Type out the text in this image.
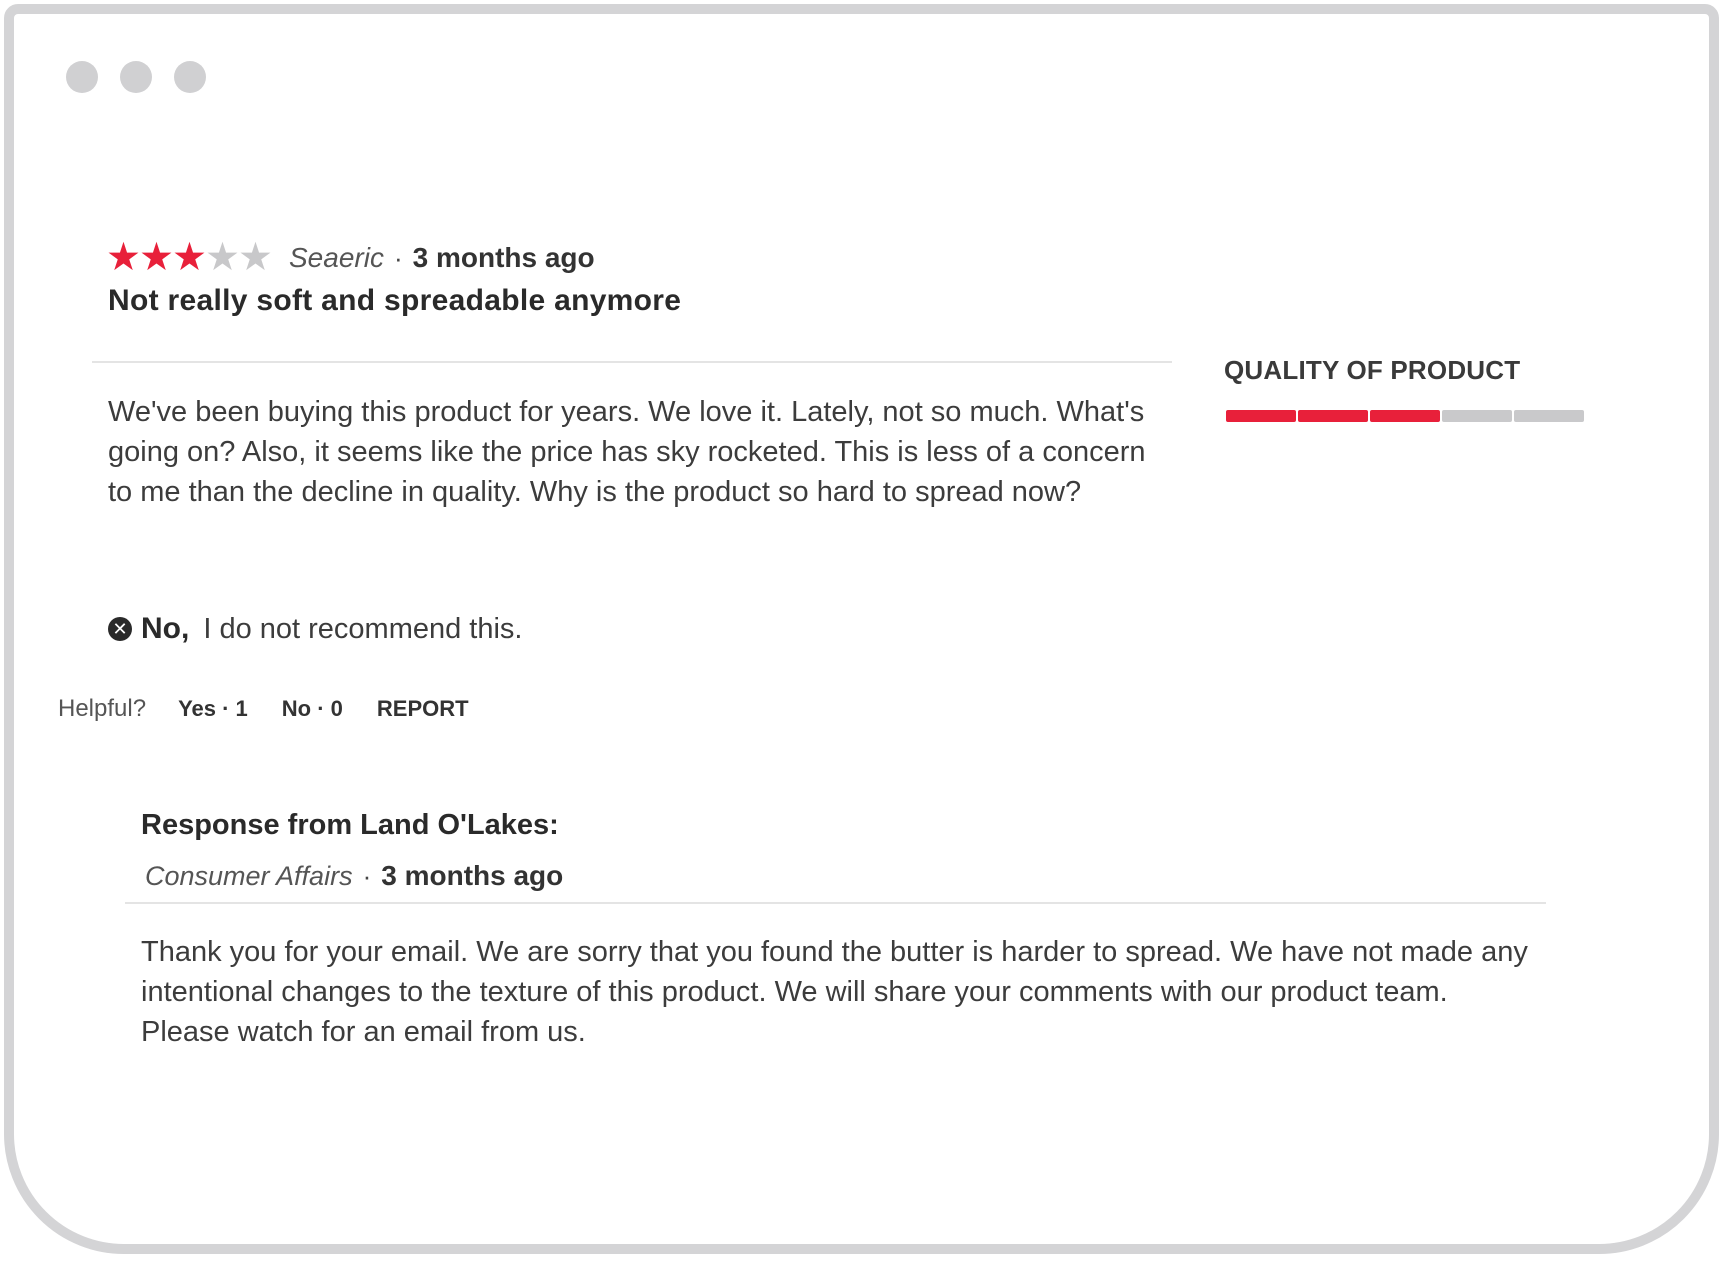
★
★
★
★
★ Seaeric · 3 months ago
Not really soft and spreadable anymore
QUALITY OF PRODUCT
We've been buying this product for years. We love it. Lately, not so much. What's going on? Also, it seems like the price has sky rocketed. This is less of a concern to me than the decline in quality. Why is the product so hard to spread now?
✕ No, I do not recommend this.
Helpful? Yes · 1 No · 0 REPORT
Response from Land O'Lakes:
Consumer Affairs · 3 months ago
Thank you for your email. We are sorry that you found the butter is harder to spread. We have not made any intentional changes to the texture of this product. We will share your comments with our product team. Please watch for an email from us.
